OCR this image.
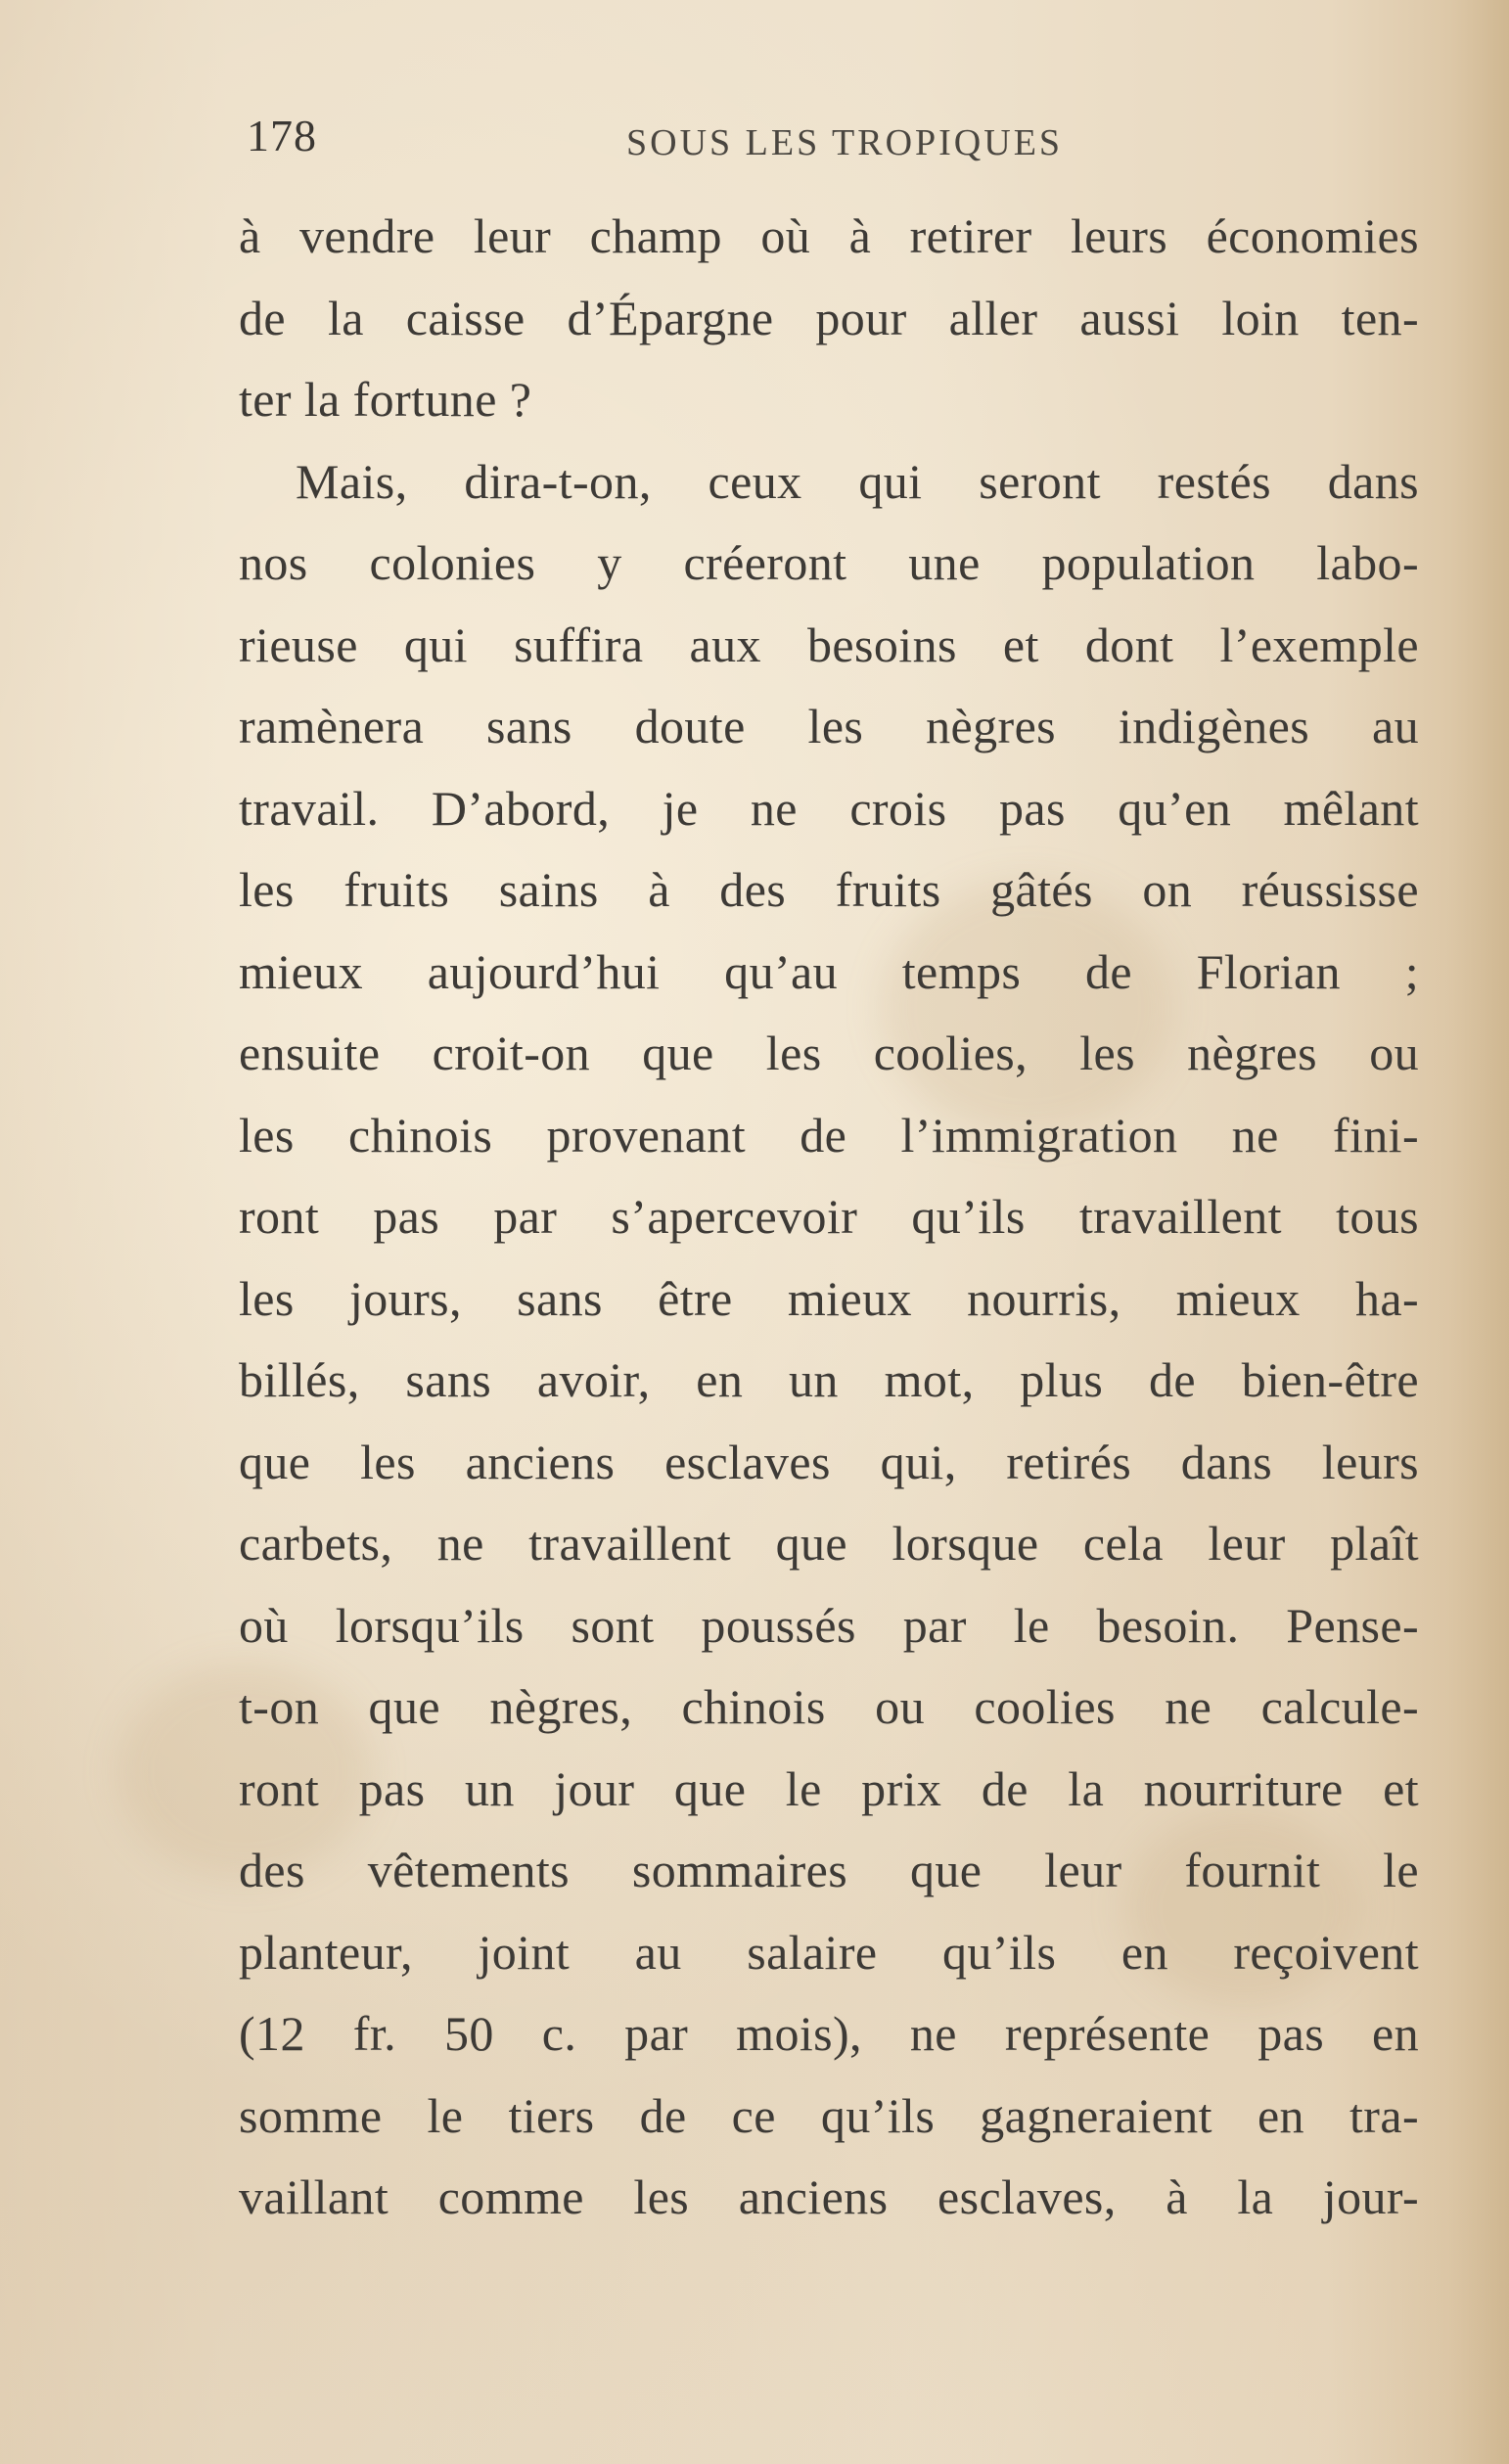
178	SOUS LES TROPIQUES
à vendre leur champ où à retirer leurs économies
de la caisse d’Épargne pour aller aussi loin ten-
ter la fortune ?
Mais, dira-t-on, ceux qui seront restés dans
nos colonies y créeront une population labo-
rieuse qui suffira aux besoins et dont l’exemple
ramènera sans doute les nègres indigènes au
travail. D’abord, je ne crois pas qu’en mêlant
les fruits sains à des fruits gâtés on réussisse
mieux aujourd’hui qu’au temps de Florian ;
ensuite croit-on que les coolies, les nègres ou
les chinois provenant de l’immigration ne fini-
ront pas par s’apercevoir qu’ils travaillent tous
les jours, sans être mieux nourris, mieux ha-
billés, sans avoir, en un mot, plus de bien-être
que les anciens esclaves qui, retirés dans leurs
carbets, ne travaillent que lorsque cela leur plaît
où lorsqu’ils sont poussés par le besoin. Pense-
t-on que nègres, chinois ou coolies ne calcule-
ront pas un jour que le prix de la nourriture et
des vêtements sommaires que leur fournit le
planteur, joint au salaire qu’ils en reçoivent
(12 fr. 50 c. par mois), ne représente pas en
somme le tiers de ce qu’ils gagneraient en tra-
vaillant comme les anciens esclaves, à la jour-
